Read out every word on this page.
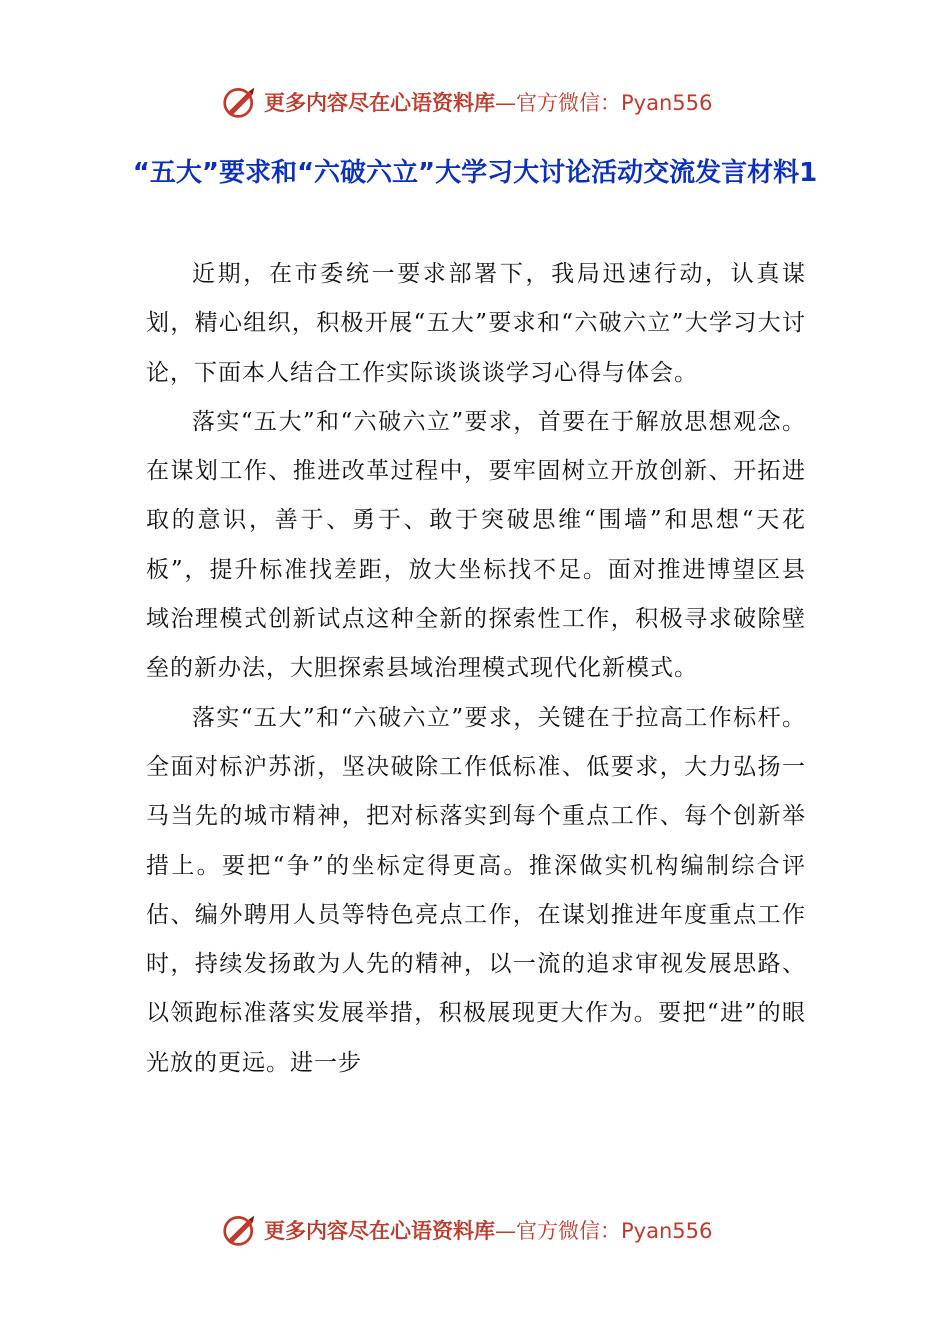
更多内容尽在心语资料库 —官方微信：Pyan556
“五大”要求和“六破六立”大学习大讨论活动交流发言材料1

近期，在市委统一要求部署下，我局迅速行动，认真谋划，精心组织，积极开展“五大”要求和“六破六立”大学习大讨论，下面本人结合工作实际谈谈谈学习心得与体会。

落实“五大”和“六破六立”要求，首要在于解放思想观念。在谋划工作、推进改革过程中，要牢固树立开放创新、开拓进取的意识，善于、勇于、敢于突破思维“围墙”和思想“天花板”，提升标准找差距，放大坐标找不足。面对推进博望区县域治理模式创新试点这种全新的探索性工作，积极寻求破除壁垒的新办法，大胆探索县域治理模式现代化新模式。

落实“五大”和“六破六立”要求，关键在于拉高工作标杆。全面对标沪苏浙，坚决破除工作低标准、低要求，大力弘扬一马当先的城市精神，把对标落实到每个重点工作、每个创新举措上。要把“争”的坐标定得更高。推深做实机构编制综合评估、编外聘用人员等特色亮点工作，在谋划推进年度重点工作时，持续发扬敢为人先的精神，以一流的追求审视发展思路、以领跑标准落实发展举措，积极展现更大作为。要把“进”的眼光放的更远。进一步

更多内容尽在心语资料库 —官方微信：Pyan556
